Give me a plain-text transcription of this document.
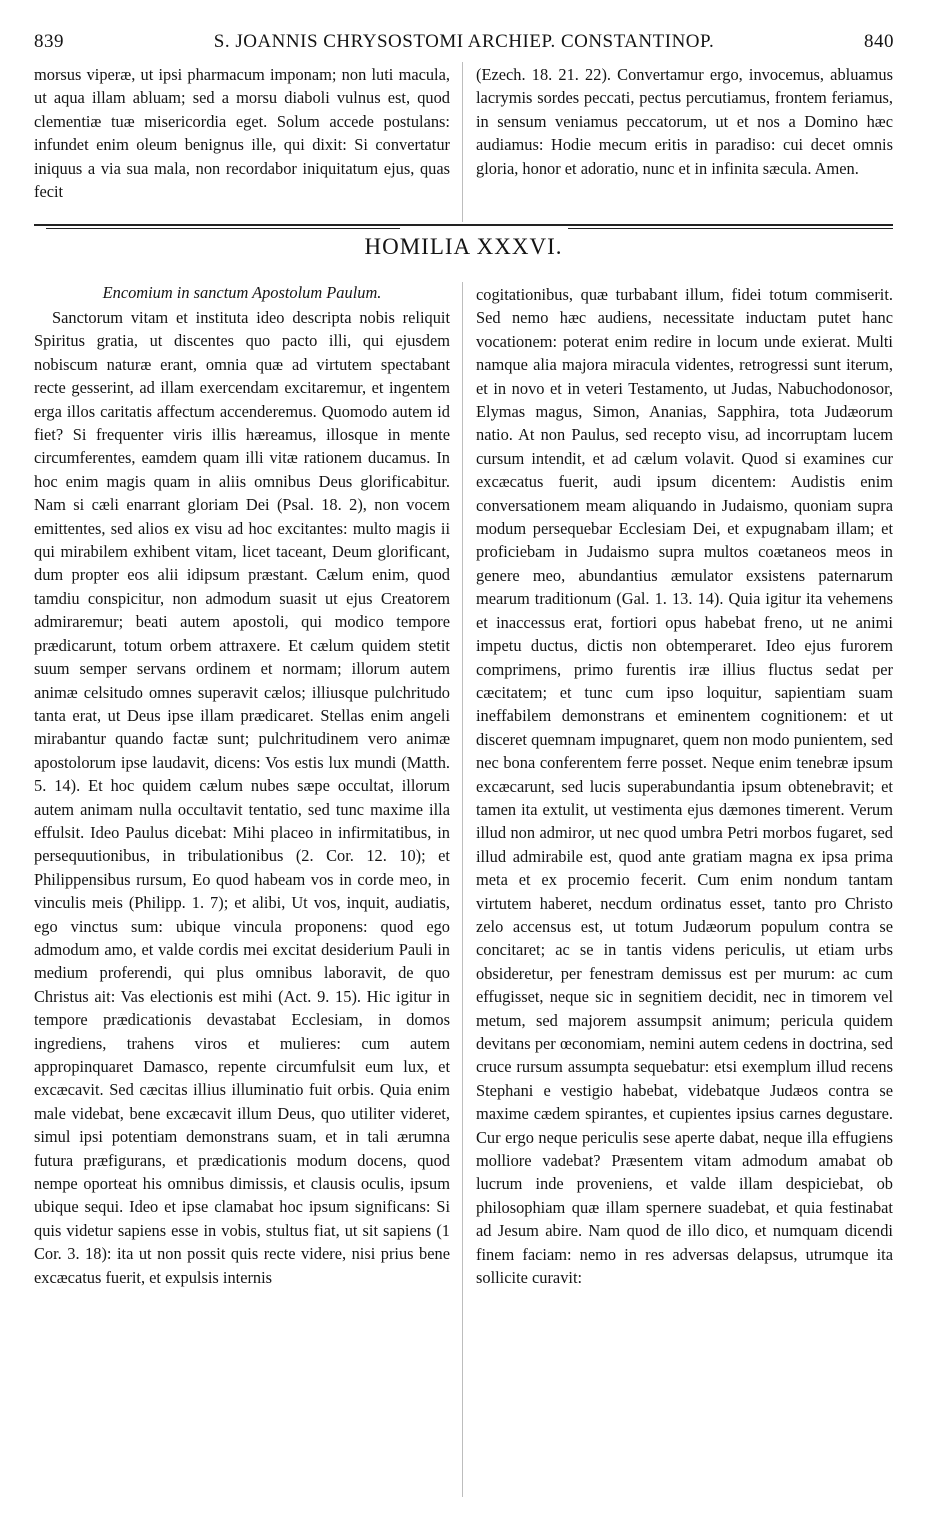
839	S. JOANNIS CHRYSOSTOMI ARCHIEP. CONSTANTINOP.	840

morsus viperæ, ut ipsi pharmacum imponam; non luti macula, ut aqua illam abluam; sed a morsu diaboli vulnus est, quod clementiæ tuæ misericordia eget. Solum accede postulans: infundet enim oleum benignus ille, qui dixit: Si convertatur iniquus a via sua mala, non recordabor iniquitatum ejus, quas fecit

(Ezech. 18. 21. 22). Convertamur ergo, invocemus, abluamus lacrymis sordes peccati, pectus percutiamus, frontem feriamus, in sensum veniamus peccatorum, ut et nos a Domino hæc audiamus: Hodie mecum eritis in paradiso: cui decet omnis gloria, honor et adoratio, nunc et in infinita sæcula. Amen.

HOMILIA XXXVI.
Encomium in sanctum Apostolum Paulum.

Sanctorum vitam et instituta ideo descripta nobis reliquit Spiritus gratia, ut discentes quo pacto illi, qui ejusdem nobiscum naturæ erant, omnia quæ ad virtutem spectabant recte gesserint, ad illam exercendam excitaremur, et ingentem erga illos caritatis affectum accenderemus. Quomodo autem id fiet? Si frequenter viris illis hæreamus, illosque in mente circumferentes, eamdem quam illi vitæ rationem ducamus. In hoc enim magis quam in aliis omnibus Deus glorificabitur. Nam si cæli enarrant gloriam Dei (Psal. 18. 2), non vocem emittentes, sed alios ex visu ad hoc excitantes: multo magis ii qui mirabilem exhibent vitam, licet taceant, Deum glorificant, dum propter eos alii idipsum præstant. Cælum enim, quod tamdiu conspicitur, non admodum suasit ut ejus Creatorem admiraremur; beati autem apostoli, qui modico tempore prædicarunt, totum orbem attraxere. Et cælum quidem stetit suum semper servans ordinem et normam; illorum autem animæ celsitudo omnes superavit cælos; illiusque pulchritudo tanta erat, ut Deus ipse illam prædicaret. Stellas enim angeli mirabantur quando factæ sunt; pulchritudinem vero animæ apostolorum ipse laudavit, dicens: Vos estis lux mundi (Matth. 5. 14). Et hoc quidem cælum nubes sæpe occultat, illorum autem animam nulla occultavit tentatio, sed tunc maxime illa effulsit. Ideo Paulus dicebat: Mihi placeo in infirmitatibus, in persequutionibus, in tribulationibus (2. Cor. 12. 10); et Philippensibus rursum, Eo quod habeam vos in corde meo, in vinculis meis (Philipp. 1. 7); et alibi, Ut vos, inquit, audiatis, ego vinctus sum: ubique vincula proponens: quod ego admodum amo, et valde cordis mei excitat desiderium Pauli in medium proferendi, qui plus omnibus laboravit, de quo Christus ait: Vas electionis est mihi (Act. 9. 15). Hic igitur in tempore prædicationis devastabat Ecclesiam, in domos ingrediens, trahens viros et mulieres: cum autem appropinquaret Damasco, repente circumfulsit eum lux, et excæcavit. Sed cæcitas illius illuminatio fuit orbis. Quia enim male videbat, bene excæcavit illum Deus, quo utiliter videret, simul ipsi potentiam demonstrans suam, et in tali ærumna futura præfigurans, et prædicationis modum docens, quod nempe oporteat his omnibus dimissis, et clausis oculis, ipsum ubique sequi. Ideo et ipse clamabat hoc ipsum significans: Si quis videtur sapiens esse in vobis, stultus fiat, ut sit sapiens (1 Cor. 3. 18): ita ut non possit quis recte videre, nisi prius bene excæcatus fuerit, et expulsis internis

cogitationibus, quæ turbabant illum, fidei totum commiserit. Sed nemo hæc audiens, necessitate inductam putet hanc vocationem: poterat enim redire in locum unde exierat. Multi namque alia majora miracula videntes, retrogressi sunt iterum, et in novo et in veteri Testamento, ut Judas, Nabuchodonosor, Elymas magus, Simon, Ananias, Sapphira, tota Judæorum natio. At non Paulus, sed recepto visu, ad incorruptam lucem cursum intendit, et ad cælum volavit. Quod si examines cur excæcatus fuerit, audi ipsum dicentem: Audistis enim conversationem meam aliquando in Judaismo, quoniam supra modum persequebar Ecclesiam Dei, et expugnabam illam; et proficiebam in Judaismo supra multos coætaneos meos in genere meo, abundantius æmulator exsistens paternarum mearum traditionum (Gal. 1. 13. 14). Quia igitur ita vehemens et inaccessus erat, fortiori opus habebat freno, ut ne animi impetu ductus, dictis non obtemperaret. Ideo ejus furorem comprimens, primo furentis iræ illius fluctus sedat per cæcitatem; et tunc cum ipso loquitur, sapientiam suam ineffabilem demonstrans et eminentem cognitionem: et ut disceret quemnam impugnaret, quem non modo punientem, sed nec bona conferentem ferre posset. Neque enim tenebræ ipsum excæcarunt, sed lucis superabundantia ipsum obtenebravit; et tamen ita extulit, ut vestimenta ejus dæmones timerent. Verum illud non admiror, ut nec quod umbra Petri morbos fugaret, sed illud admirabile est, quod ante gratiam magna ex ipsa prima meta et ex procemio fecerit. Cum enim nondum tantam virtutem haberet, necdum ordinatus esset, tanto pro Christo zelo accensus est, ut totum Judæorum populum contra se concitaret; ac se in tantis videns periculis, ut etiam urbs obsideretur, per fenestram demissus est per murum: ac cum effugisset, neque sic in segnitiem decidit, nec in timorem vel metum, sed majorem assumpsit animum; pericula quidem devitans per œconomiam, nemini autem cedens in doctrina, sed cruce rursum assumpta sequebatur: etsi exemplum illud recens Stephani e vestigio habebat, videbatque Judæos contra se maxime cædem spirantes, et cupientes ipsius carnes degustare. Cur ergo neque periculis sese aperte dabat, neque illa effugiens molliore vadebat? Præsentem vitam admodum amabat ob lucrum inde proveniens, et valde illam despiciebat, ob philosophiam quæ illam spernere suadebat, et quia festinabat ad Jesum abire. Nam quod de illo dico, et numquam dicendi finem faciam: nemo in res adversas delapsus, utrumque ita sollicite curavit:
